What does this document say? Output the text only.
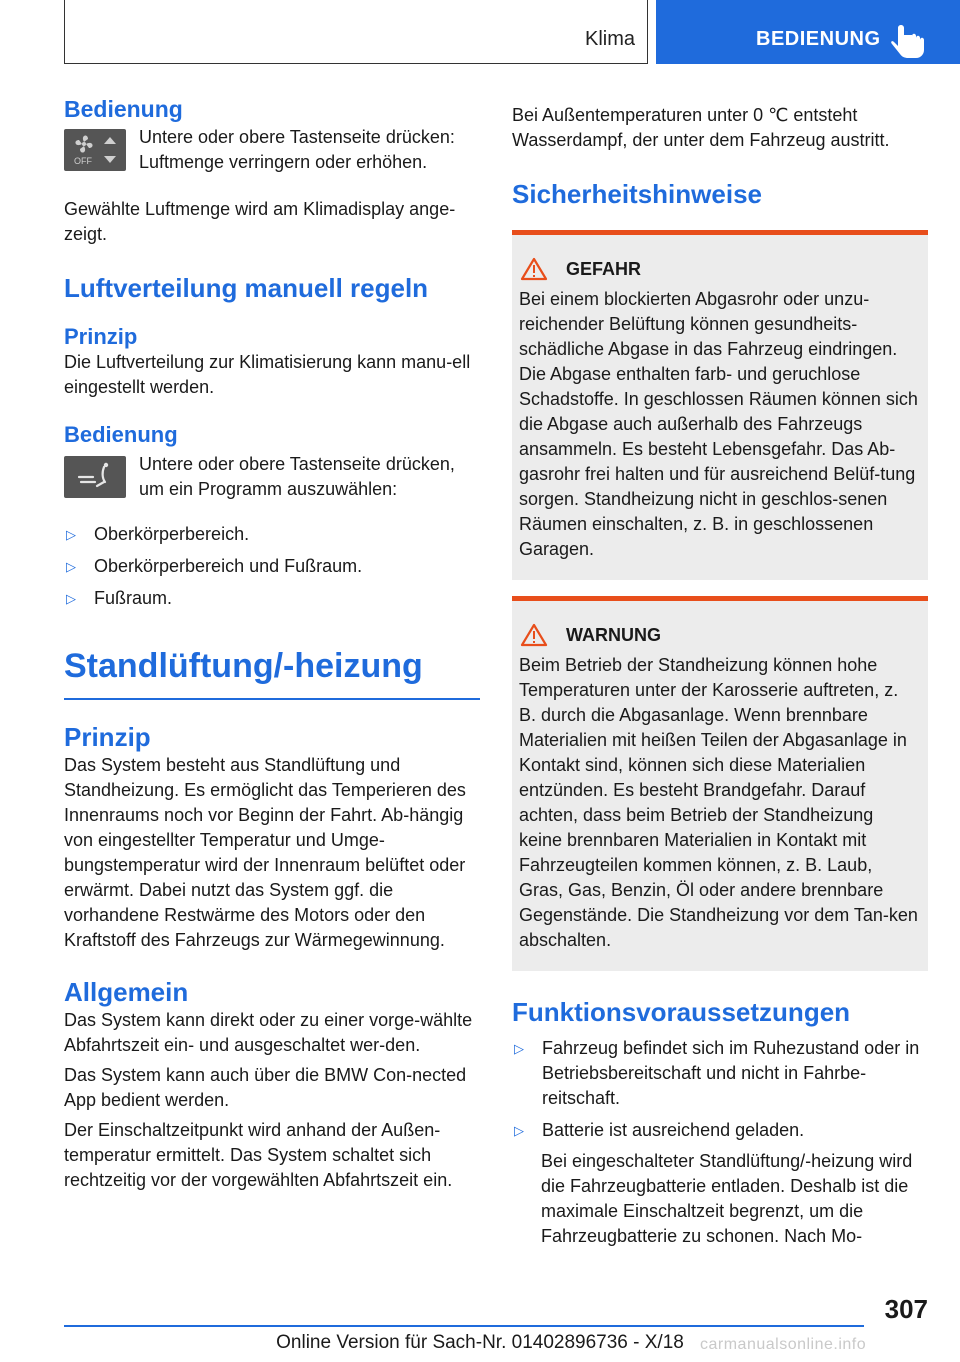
Klima	BEDIENUNG
Bedienung
OFF

Untere oder obere Tastenseite drücken: Luftmenge verringern oder erhöhen.

Gewählte Luftmenge wird am Klimadisplay ange-zeigt.

Luftverteilung manuell regeln
Prinzip

Die Luftverteilung zur Klimatisierung kann manu-ell eingestellt werden.

Bedienung

Untere oder obere Tastenseite drücken, um ein Programm auszuwählen:

▷	Oberkörperbereich.
▷	Oberkörperbereich und Fußraum.
▷	Fußraum.
Standlüftung/-heizung
Prinzip

Das System besteht aus Standlüftung und Standheizung. Es ermöglicht das Temperieren des Innenraums noch vor Beginn der Fahrt. Ab-hängig von eingestellter Temperatur und Umge-bungstemperatur wird der Innenraum belüftet oder erwärmt. Dabei nutzt das System ggf. die vorhandene Restwärme des Motors oder den Kraftstoff des Fahrzeugs zur Wärmegewinnung.

Allgemein

Das System kann direkt oder zu einer vorge-wählte Abfahrtszeit ein- und ausgeschaltet wer-den.

Das System kann auch über die BMW Con-nected App bedient werden.

Der Einschaltzeitpunkt wird anhand der Außen-temperatur ermittelt. Das System schaltet sich rechtzeitig vor der vorgewählten Abfahrtszeit ein.

Bei Außentemperaturen unter 0 ℃ entsteht Wasserdampf, der unter dem Fahrzeug austritt.

Sicherheitshinweise
GEFAHR

Bei einem blockierten Abgasrohr oder unzu-reichender Belüftung können gesundheits-schädliche Abgase in das Fahrzeug eindringen. Die Abgase enthalten farb- und geruchlose Schadstoffe. In geschlossen Räumen können sich die Abgase auch außerhalb des Fahrzeugs ansammeln. Es besteht Lebensgefahr. Das Ab-gasrohr frei halten und für ausreichend Belüf-tung sorgen. Standheizung nicht in geschlos-senen Räumen einschalten, z. B. in geschlossenen Garagen.

WARNUNG

Beim Betrieb der Standheizung können hohe Temperaturen unter der Karosserie auftreten, z. B. durch die Abgasanlage. Wenn brennbare Materialien mit heißen Teilen der Abgasanlage in Kontakt sind, können sich diese Materialien entzünden. Es besteht Brandgefahr. Darauf achten, dass beim Betrieb der Standheizung keine brennbaren Materialien in Kontakt mit Fahrzeugteilen kommen können, z. B. Laub, Gras, Gas, Benzin, Öl oder andere brennbare Gegenstände. Die Standheizung vor dem Tan-ken abschalten.

Funktionsvoraussetzungen
▷	Fahrzeug befindet sich im Ruhezustand oder in Betriebsbereitschaft und nicht in Fahrbe-reitschaft.
▷	Batterie ist ausreichend geladen.

Bei eingeschalteter Standlüftung/-heizung wird die Fahrzeugbatterie entladen. Deshalb ist die maximale Einschaltzeit begrenzt, um die Fahrzeugbatterie zu schonen. Nach Mo-

307
Online Version für Sach-Nr. 01402896736 - X/18	carmanualsonline.info
